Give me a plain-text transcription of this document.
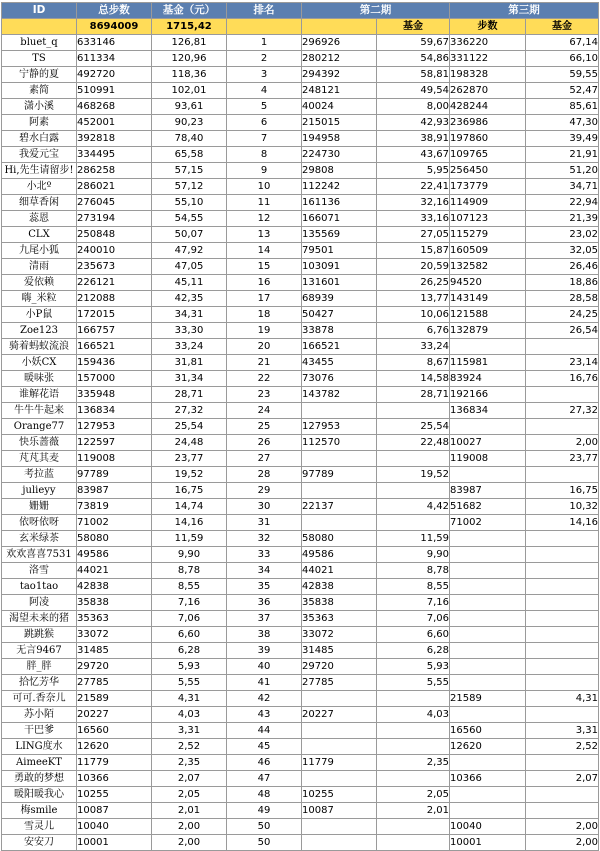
ID	总步数	基金（元）	排名	第二期		第三期	
	8694009	1715,42			基金	步数	基金
bluet_q	633146	126,81	1	296926	59,67	336220	67,14
TS	611334	120,96	2	280212	54,86	331122	66,10
宁静的夏	492720	118,36	3	294392	58,81	198328	59,55
素简	510991	102,01	4	248121	49,54	262870	52,47
潇小溪	468268	93,61	5	40024	8,00	428244	85,61
阿素	452001	90,23	6	215015	42,93	236986	47,30
碧水白露	392818	78,40	7	194958	38,91	197860	39,49
我爱元宝	334495	65,58	8	224730	43,67	109765	21,91
Hi,先生请留步!	286258	57,15	9	29808	5,95	256450	51,20
小北º	286021	57,12	10	112242	22,41	173779	34,71
细草香闲	276045	55,10	11	161136	32,16	114909	22,94
蕊恩	273194	54,55	12	166071	33,16	107123	21,39
CLX	250848	50,07	13	135569	27,05	115279	23,02
九尾小狐	240010	47,92	14	79501	15,87	160509	32,05
清雨	235673	47,05	15	103091	20,59	132582	26,46
爱依赖	226121	45,11	16	131601	26,25	94520	18,86
嗨_米粒	212088	42,35	17	68939	13,77	143149	28,58
小P鼠	172015	34,31	18	50427	10,06	121588	24,25
Zoe123	166757	33,30	19	33878	6,76	132879	26,54
骑着蚂蚁流浪	166521	33,24	20	166521	33,24		
小妖CX	159436	31,81	21	43455	8,67	115981	23,14
暖味张	157000	31,34	22	73076	14,58	83924	16,76
谁解花语	335948	28,71	23	143782	28,71	192166	
牛牛牛起来	136834	27,32	24			136834	27,32
Orange77	127953	25,54	25	127953	25,54		
快乐蔷薇	122597	24,48	26	112570	22,48	10027	2,00
芃芃其麦	119008	23,77	27			119008	23,77
考拉蓝	97789	19,52	28	97789	19,52		
julieyy	83987	16,75	29			83987	16,75
姗姗	73819	14,74	30	22137	4,42	51682	10,32
依呀依呀	71002	14,16	31			71002	14,16
玄米绿茶	58080	11,59	32	58080	11,59		
欢欢喜喜7531	49586	9,90	33	49586	9,90		
洛雪	44021	8,78	34	44021	8,78		
tao1tao	42838	8,55	35	42838	8,55		
阿凌	35838	7,16	36	35838	7,16		
渴望未来的猪	35363	7,06	37	35363	7,06		
跳跳猴	33072	6,60	38	33072	6,60		
无言9467	31485	6,28	39	31485	6,28		
胖_胖	29720	5,93	40	29720	5,93		
拾忆芳华	27785	5,55	41	27785	5,55		
可可.香奈儿	21589	4,31	42			21589	4,31
苏小陌	20227	4,03	43	20227	4,03		
干巴爹	16560	3,31	44			16560	3,31
LING度水	12620	2,52	45			12620	2,52
AimeeKT	11779	2,35	46	11779	2,35		
勇敢的梦想	10366	2,07	47			10366	2,07
暖阳暖我心	10255	2,05	48	10255	2,05		
梅smile	10087	2,01	49	10087	2,01		
雪灵儿	10040	2,00	50			10040	2,00
安安刀	10001	2,00	50			10001	2,00
